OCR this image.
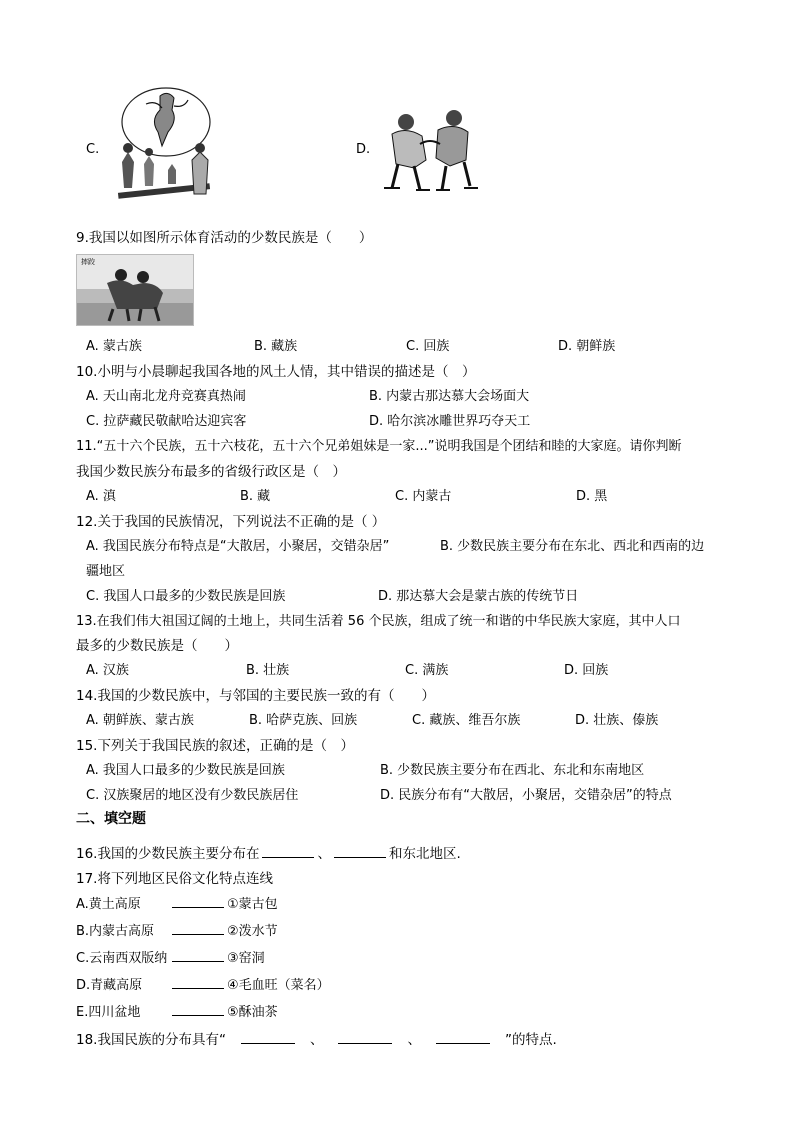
C.	D.
9.我国以如图所示体育活动的少数民族是（　　）
摔跤
A. 蒙古族	B. 藏族	C. 回族	D. 朝鲜族
10.小明与小晨聊起我国各地的风土人情，其中错误的描述是（　）
A. 天山南北龙舟竞赛真热闹	B. 内蒙古那达慕大会场面大
C. 拉萨藏民敬献哈达迎宾客	D. 哈尔滨冰雕世界巧夺天工
11.“五十六个民族，五十六枝花，五十六个兄弟姐妹是一家...”说明我国是个团结和睦的大家庭。请你判断
我国少数民族分布最多的省级行政区是（　）
A. 滇	B. 藏	C. 内蒙古	D. 黑
12.关于我国的民族情况，下列说法不正确的是（ ）
A. 我国民族分布特点是“大散居，小聚居，交错杂居”	B. 少数民族主要分布在东北、西北和西南的边
疆地区
C. 我国人口最多的少数民族是回族	D. 那达慕大会是蒙古族的传统节日
13.在我们伟大祖国辽阔的土地上，共同生活着 56 个民族，组成了统一和谐的中华民族大家庭，其中人口
最多的少数民族是（　　）
A. 汉族	B. 壮族	C. 满族	D. 回族
14.我国的少数民族中，与邻国的主要民族一致的有（　　）
A. 朝鲜族、蒙古族	B. 哈萨克族、回族	C. 藏族、维吾尔族	D. 壮族、傣族
15.下列关于我国民族的叙述，正确的是（　）
A. 我国人口最多的少数民族是回族	B. 少数民族主要分布在西北、东北和东南地区
C. 汉族聚居的地区没有少数民族居住	D. 民族分布有“大散居，小聚居，交错杂居”的特点
二、填空题
16.我国的少数民族主要分布在	、	和东北地区.
17.将下列地区民俗文化特点连线
A.黄土高原	①蒙古包
B.内蒙古高原	②泼水节
C.云南西双版纳	③窑洞
D.青藏高原	④毛血旺（菜名）
E.四川盆地	⑤酥油茶
18.我国民族的分布具有“	、	、	”的特点.
